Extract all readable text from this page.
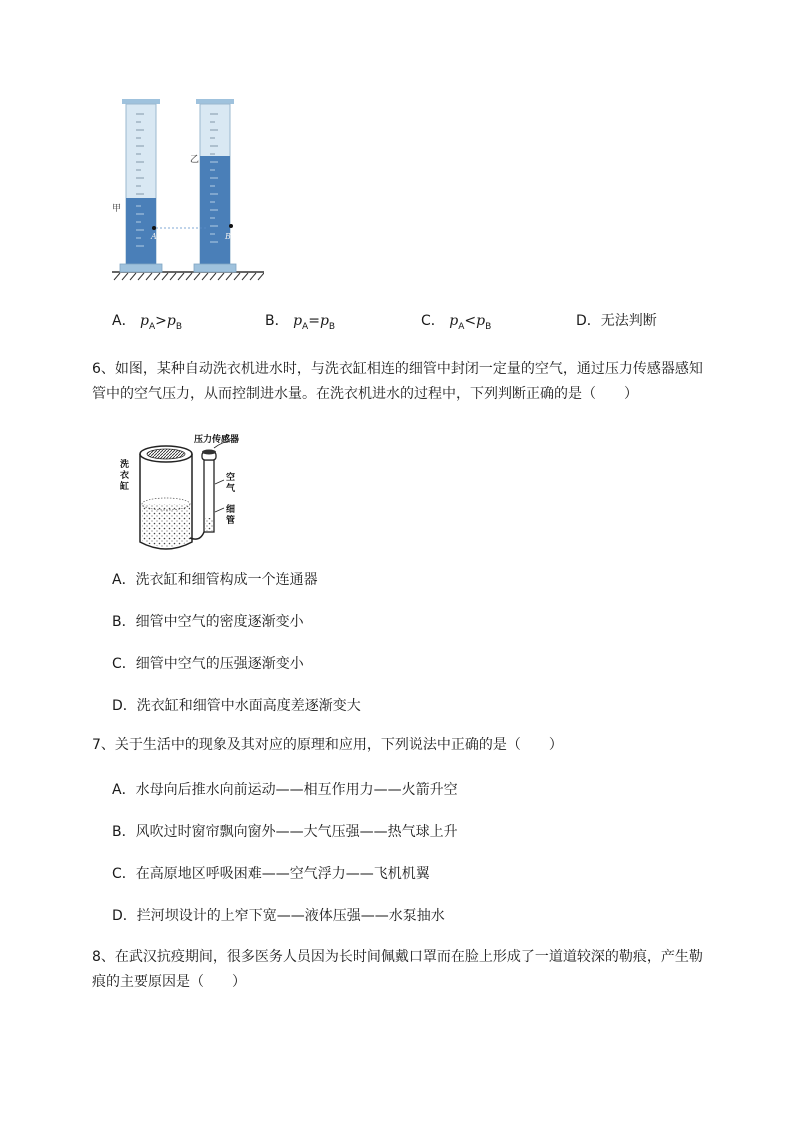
甲
乙
A	B
A． $p_A>p_B$	B． $p_A=p_B$	C． $p_A<p_B$	D．无法判断
6、如图，某种自动洗衣机进水时，与洗衣缸相连的细管中封闭一定量的空气，通过压力传感器感知
管中的空气压力，从而控制进水量。在洗衣机进水的过程中，下列判断正确的是（　　）
压力传感器
洗
衣
缸
空
气
细
管
A．洗衣缸和细管构成一个连通器
B．细管中空气的密度逐渐变小
C．细管中空气的压强逐渐变小
D．洗衣缸和细管中水面高度差逐渐变大
7、关于生活中的现象及其对应的原理和应用，下列说法中正确的是（　　）
A．水母向后推水向前运动——相互作用力——火箭升空
B．风吹过时窗帘飘向窗外——大气压强——热气球上升
C．在高原地区呼吸困难——空气浮力——飞机机翼
D．拦河坝设计的上窄下宽——液体压强——水泵抽水
8、在武汉抗疫期间，很多医务人员因为长时间佩戴口罩而在脸上形成了一道道较深的勒痕，产生勒
痕的主要原因是（　　）
